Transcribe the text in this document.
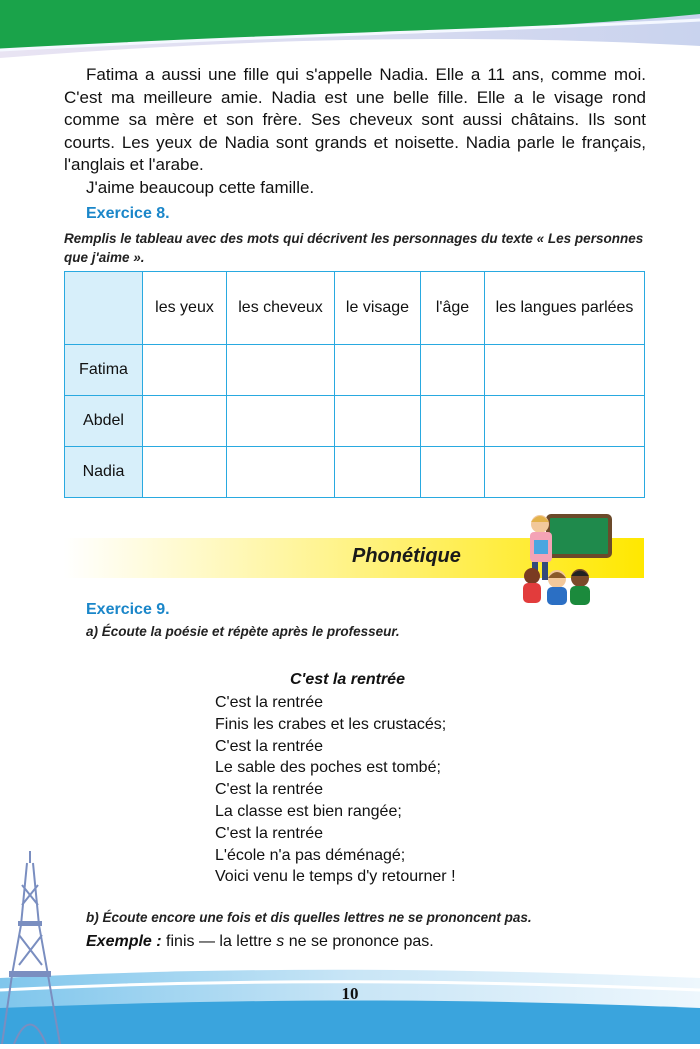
Fatima a aussi une fille qui s'appelle Nadia. Elle a 11 ans, comme moi. C'est ma meilleure amie. Nadia est une belle fille. Elle a le visage rond comme sa mère et son frère. Ses cheveux sont aussi châtains. Ils sont courts. Les yeux de Nadia sont grands et noisette. Nadia parle le français, l'anglais et l'arabe.

J'aime beaucoup cette famille.

Exercice 8.
Remplis le tableau avec des mots qui décrivent les personnages du texte « Les personnes que j'aime ».
	les yeux	les cheveux	le visage	l'âge	les langues parlées
Fatima					
Abdel					
Nadia					
Phonétique
Exercice 9.
a) Écoute la poésie et répète après le professeur.
C'est la rentrée
C'est la rentrée
Finis les crabes et les crustacés;
C'est la rentrée
Le sable des poches est tombé;
C'est la rentrée
La classe est bien rangée;
C'est la rentrée
L'école n'a pas déménagé;
Voici venu le temps d'y retourner !
b) Écoute encore une fois et dis quelles lettres ne se prononcent pas.
Exemple : finis — la lettre s ne se prononce pas.
10
